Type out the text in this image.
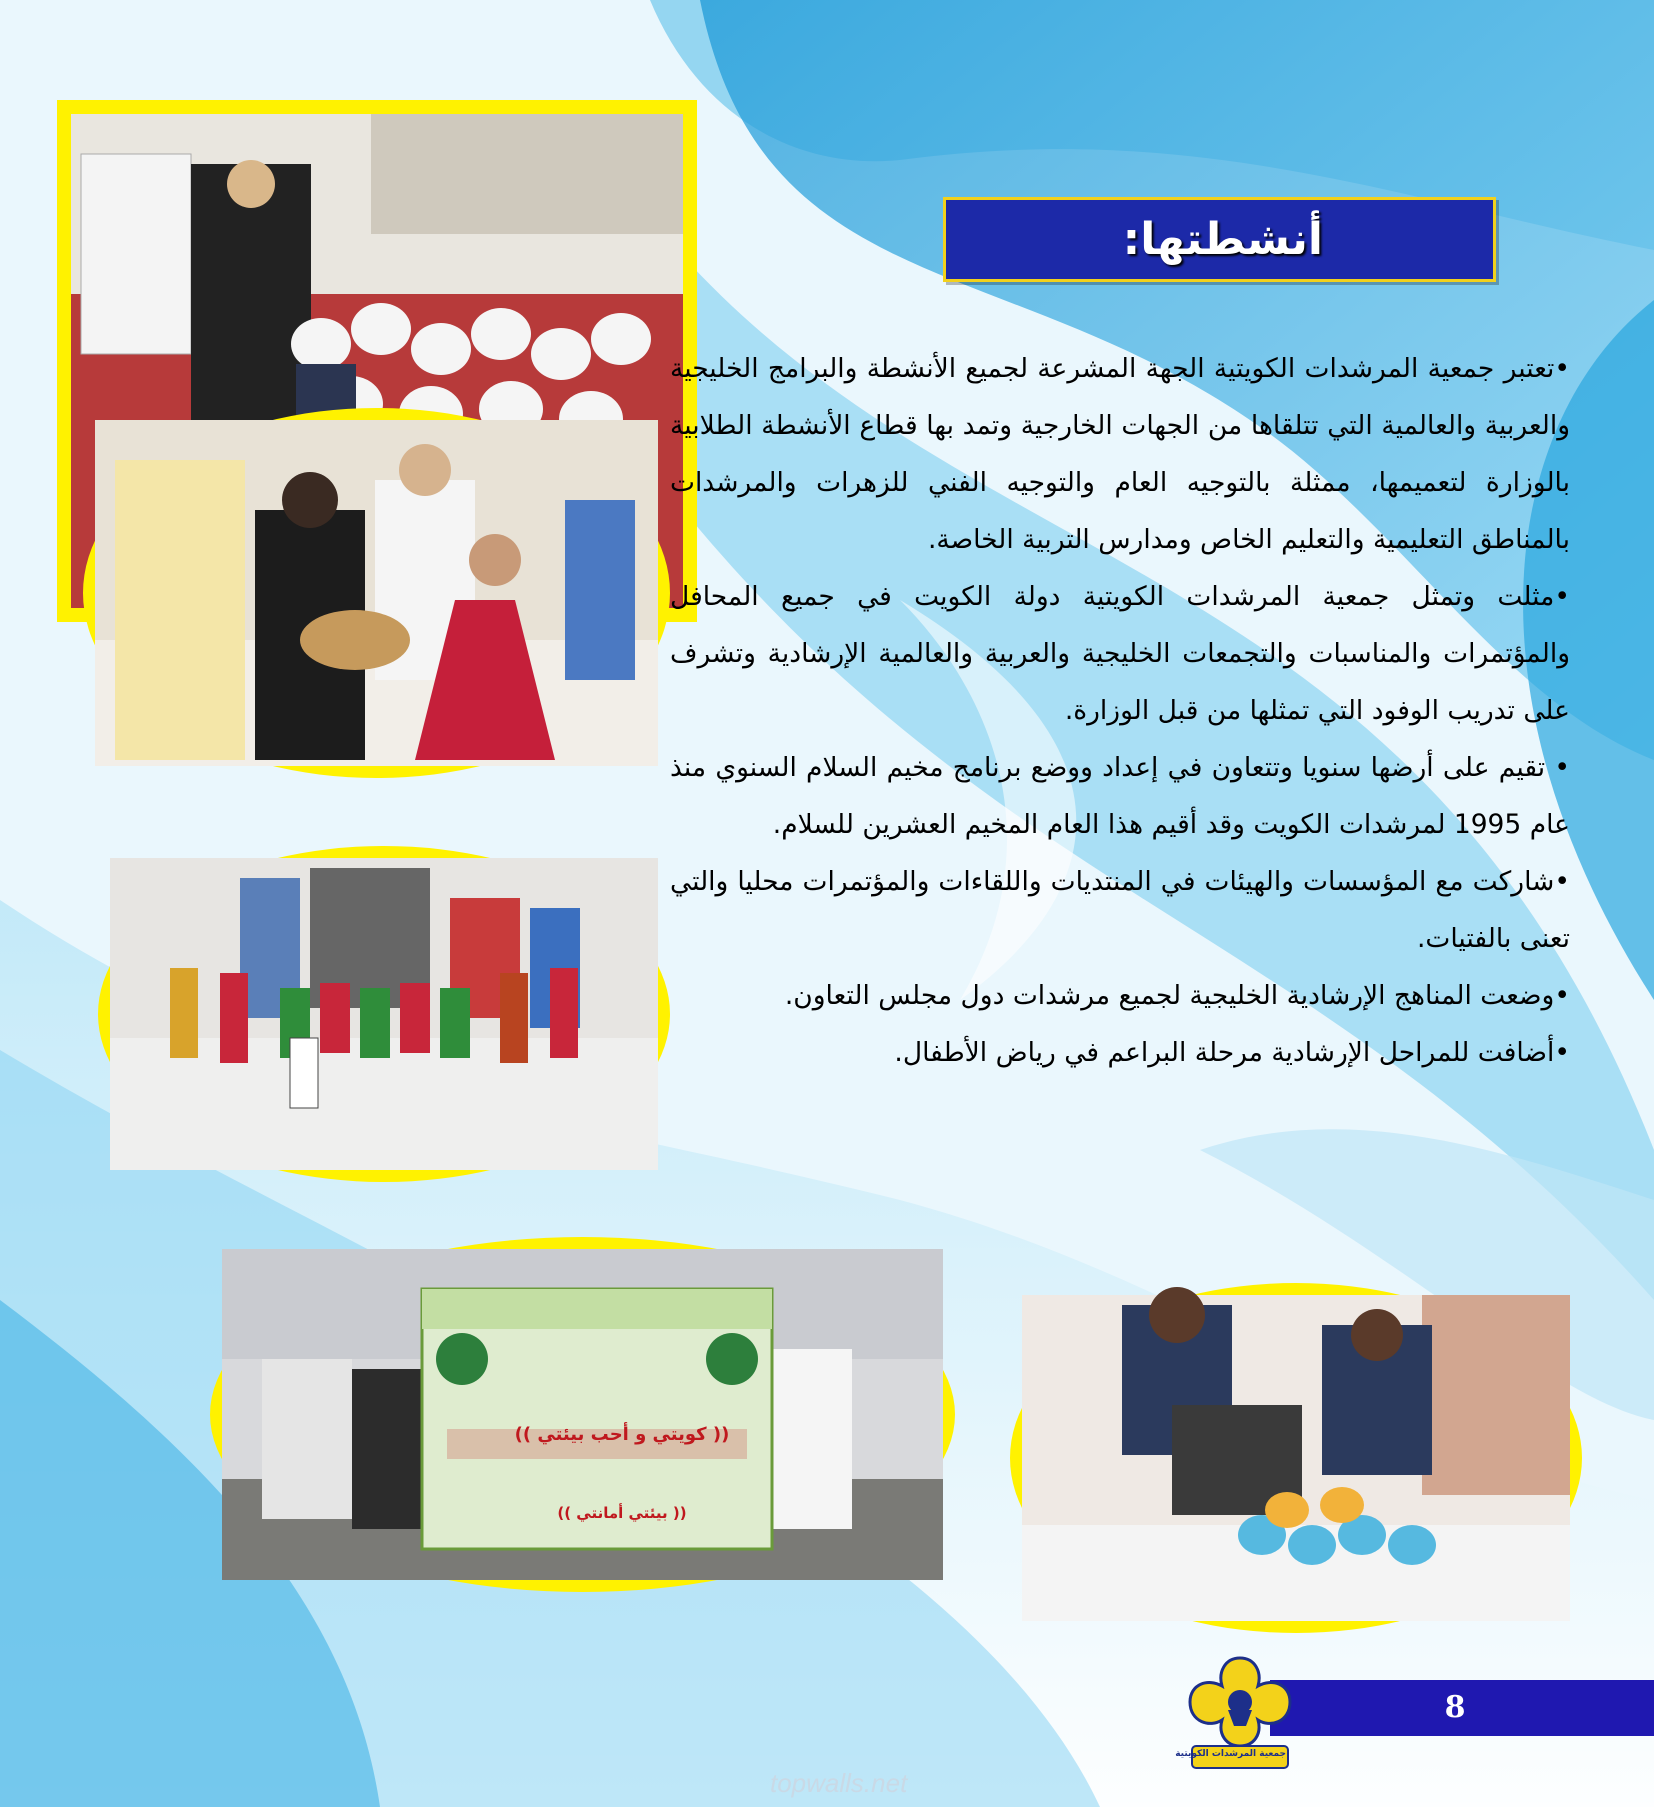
(( كويتي و أحب بيئتي ))
(( بيئتي أمانتي ))
أنشطتها:

•تعتبر جمعية المرشدات الكويتية الجهة المشرعة لجميع الأنشطة والبرامج الخليجية والعربية والعالمية التي تتلقاها من الجهات الخارجية وتمد بها قطاع الأنشطة الطلابية بالوزارة لتعميمها، ممثلة بالتوجيه العام والتوجيه الفني للزهرات والمرشدات بالمناطق التعليمية والتعليم الخاص ومدارس التربية الخاصة.

•مثلت وتمثل جمعية المرشدات الكويتية دولة الكويت في جميع المحافل والمؤتمرات والمناسبات والتجمعات الخليجية والعربية والعالمية الإرشادية وتشرف على تدريب الوفود التي تمثلها من قبل الوزارة.

• تقيم على أرضها سنويا وتتعاون في إعداد ووضع برنامج مخيم السلام السنوي منذ عام 1995 لمرشدات الكويت وقد أقيم هذا العام المخيم العشرين للسلام.

•شاركت مع المؤسسات والهيئات في المنتديات واللقاءات والمؤتمرات محليا والتي تعنى بالفتيات.

•وضعت المناهج الإرشادية الخليجية لجميع مرشدات دول مجلس التعاون.

•أضافت للمراحل الإرشادية مرحلة البراعم في رياض الأطفال.

8
جمعية المرشدات الكويتية
topwalls.net
